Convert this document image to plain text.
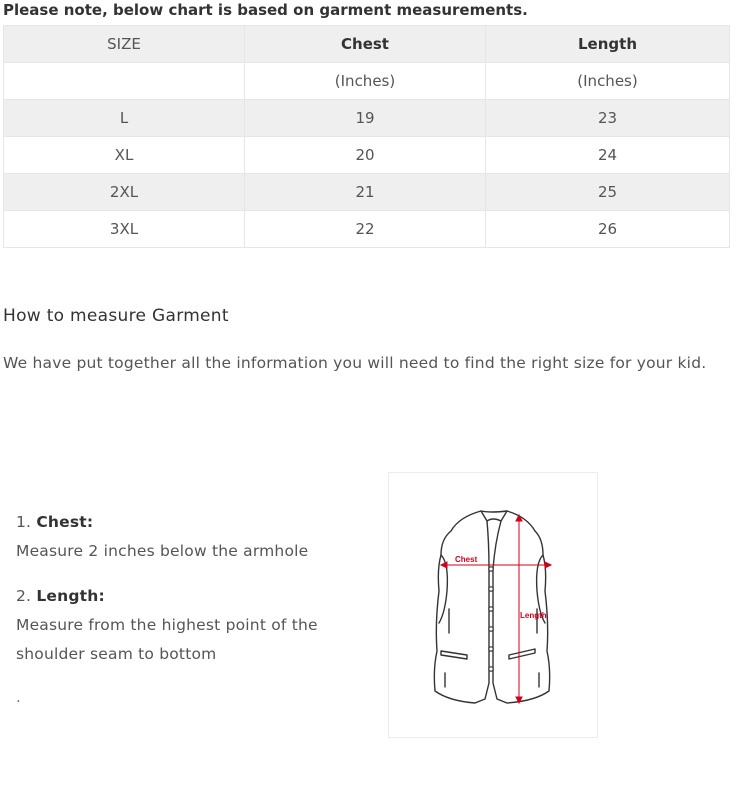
Please note, below chart is based on garment measurements.

SIZE	Chest	Length
	(Inches)	(Inches)
L	19	23
XL	20	24
2XL	21	25
3XL	22	26
How to measure Garment

We have put together all the information you will need to find the right size for your kid.

1. Chest:
Measure 2 inches below the armhole
2. Length:
Measure from the highest point of the shoulder seam to bottom
.
Chest
Length
